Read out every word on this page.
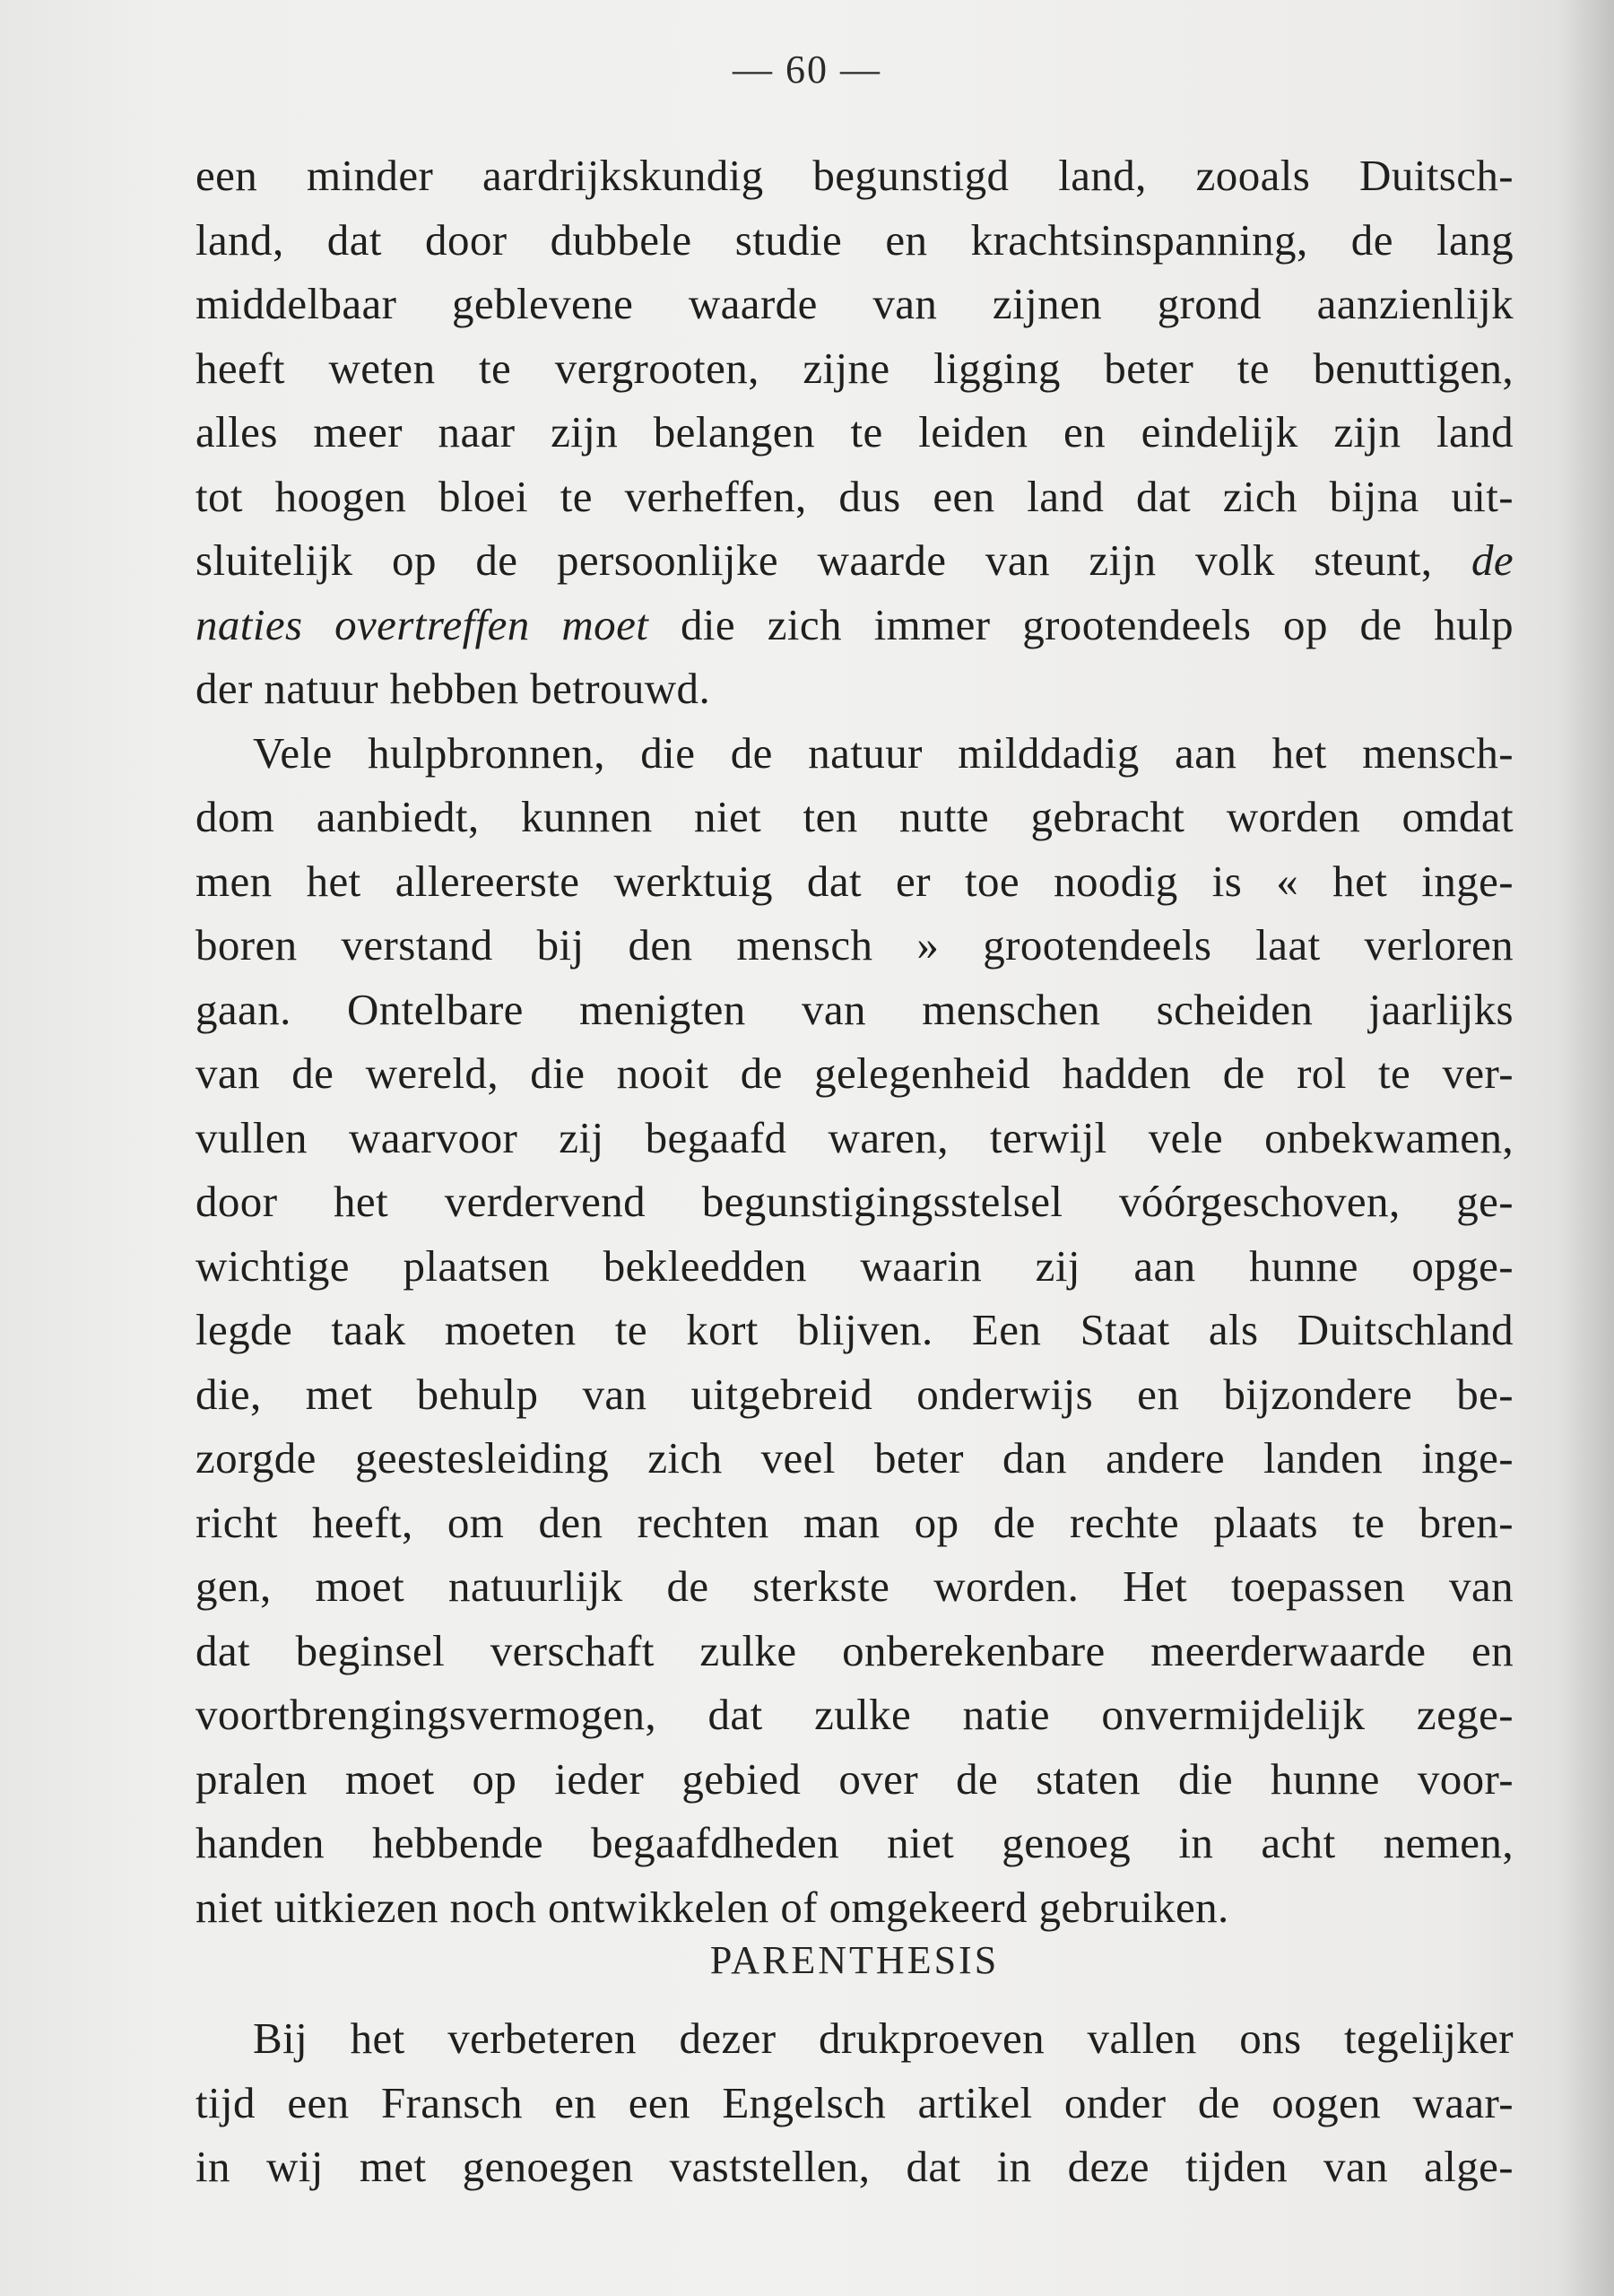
— 60 —

een minder aardrijkskundig begunstigd land, zooals Duitsch-
land, dat door dubbele studie en krachtsinspanning, de lang
middelbaar geblevene waarde van zijnen grond aanzienlijk
heeft weten te vergrooten, zijne ligging beter te benuttigen,
alles meer naar zijn belangen te leiden en eindelijk zijn land
tot hoogen bloei te verheffen, dus een land dat zich bijna uit-
sluitelijk op de persoonlijke waarde van zijn volk steunt, de
naties overtreffen moet die zich immer grootendeels op de hulp
der natuur hebben betrouwd.

Vele hulpbronnen, die de natuur milddadig aan het mensch-
dom aanbiedt, kunnen niet ten nutte gebracht worden omdat
men het allereerste werktuig dat er toe noodig is « het inge-
boren verstand bij den mensch » grootendeels laat verloren
gaan. Ontelbare menigten van menschen scheiden jaarlijks
van de wereld, die nooit de gelegenheid hadden de rol te ver-
vullen waarvoor zij begaafd waren, terwijl vele onbekwamen,
door het verdervend begunstigingsstelsel vóórgeschoven, ge-
wichtige plaatsen bekleedden waarin zij aan hunne opge-
legde taak moeten te kort blijven. Een Staat als Duitschland
die, met behulp van uitgebreid onderwijs en bijzondere be-
zorgde geestesleiding zich veel beter dan andere landen inge-
richt heeft, om den rechten man op de rechte plaats te bren-
gen, moet natuurlijk de sterkste worden. Het toepassen van
dat beginsel verschaft zulke onberekenbare meerderwaarde en
voortbrengingsvermogen, dat zulke natie onvermijdelijk zege-
pralen moet op ieder gebied over de staten die hunne voor-
handen hebbende begaafdheden niet genoeg in acht nemen,
niet uitkiezen noch ontwikkelen of omgekeerd gebruiken.

PARENTHESIS

Bij het verbeteren dezer drukproeven vallen ons tegelijker
tijd een Fransch en een Engelsch artikel onder de oogen waar-
in wij met genoegen vaststellen, dat in deze tijden van alge-
